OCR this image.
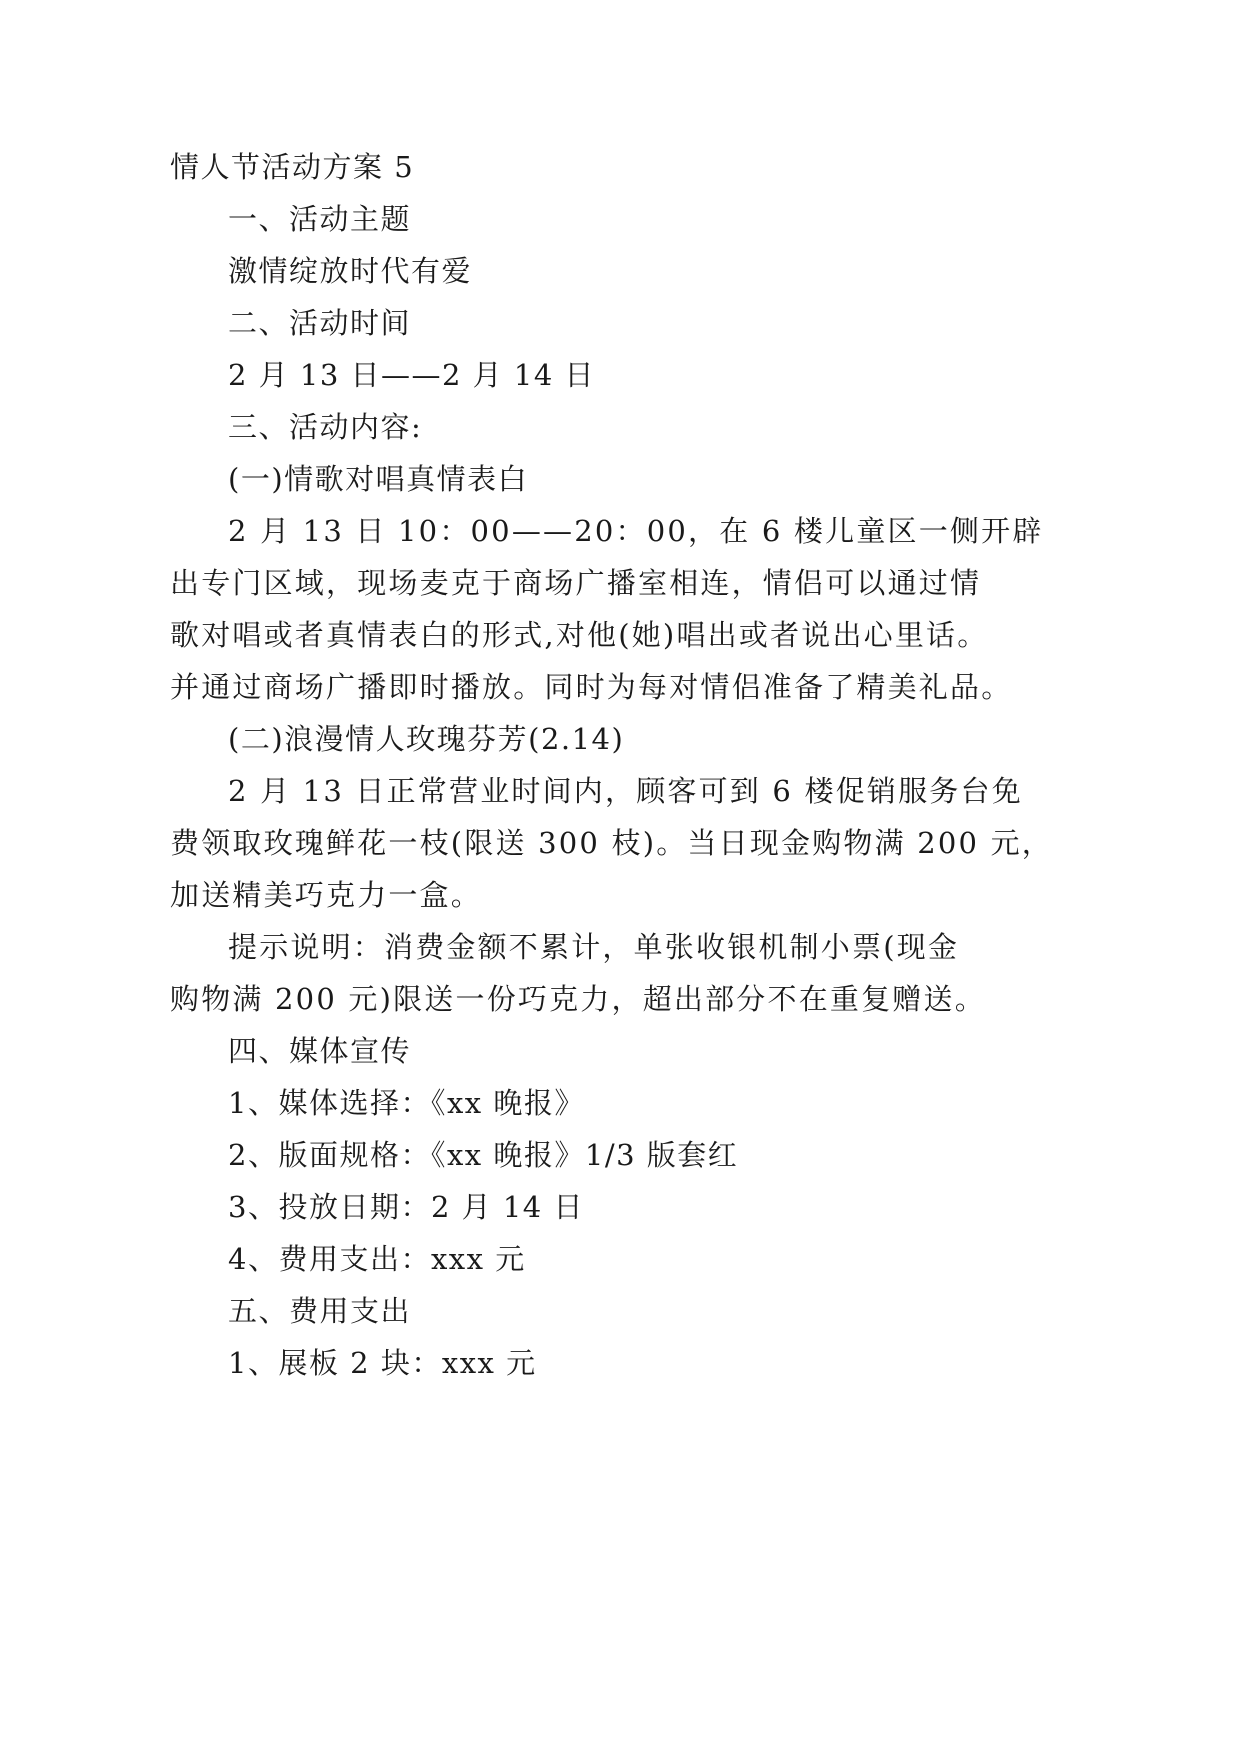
情人节活动方案 5
一、活动主题
激情绽放时代有爱
二、活动时间
2 月 13 日——2 月 14 日
三、活动内容:
(一)情歌对唱真情表白
2 月 13 日 10：00——20：00，在 6 楼儿童区一侧开辟
出专门区域，现场麦克于商场广播室相连，情侣可以通过情
歌对唱或者真情表白的形式,对他(她)唱出或者说出心里话。
并通过商场广播即时播放。同时为每对情侣准备了精美礼品。
(二)浪漫情人玫瑰芬芳(2.14)
2 月 13 日正常营业时间内，顾客可到 6 楼促销服务台免
费领取玫瑰鲜花一枝(限送 300 枝)。当日现金购物满 200 元，
加送精美巧克力一盒。
提示说明：消费金额不累计，单张收银机制小票(现金
购物满 200 元)限送一份巧克力，超出部分不在重复赠送。
四、媒体宣传
1、媒体选择：《xx 晚报》
2、版面规格：《xx 晚报》1/3 版套红
3、投放日期：2 月 14 日
4、费用支出：xxx 元
五、费用支出
1、展板 2 块：xxx 元
